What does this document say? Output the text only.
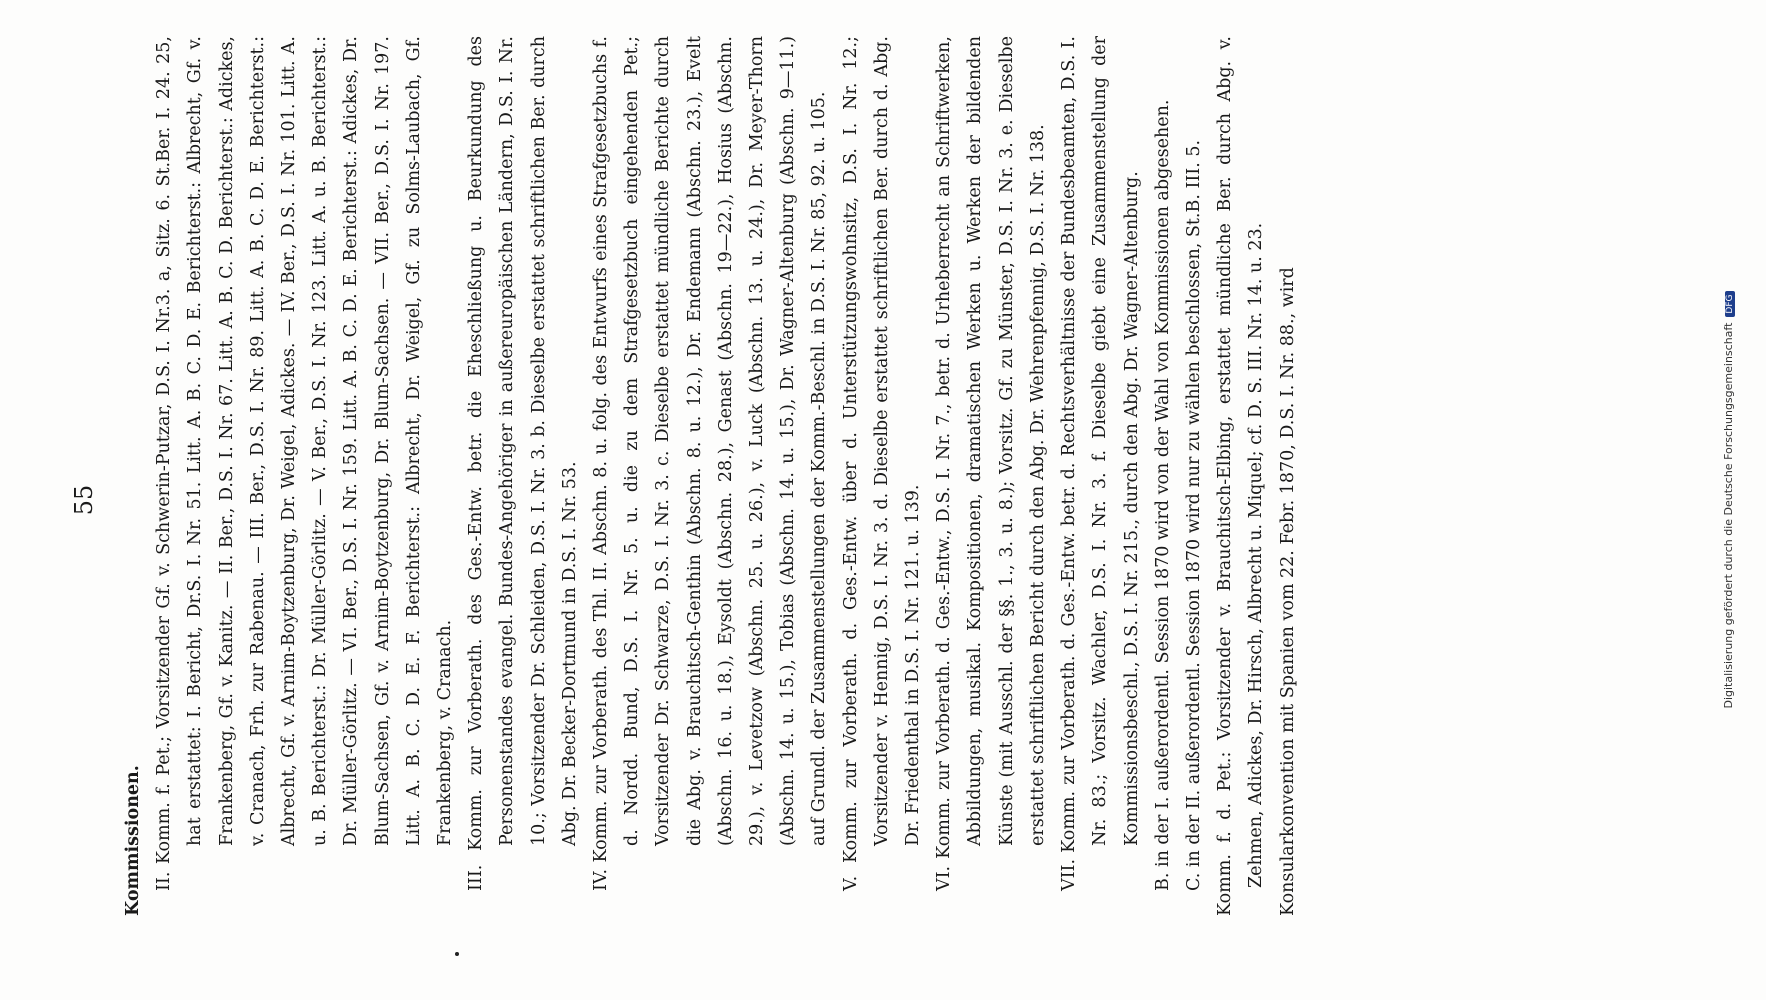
55

Kommissionen. II. Komm. f. Pet.; Vorsitzender Gf. v. Schwerin-Putzar, D.S. I. Nr.3. a, Sitz. 6. St.Ber. I. 24. 25, hat erstattet: I. Bericht, Dr.S. I. Nr. 51. Litt. A. B. C. D. E. Berichterst.: Albrecht, Gf. v. Frankenberg, Gf. v. Kanitz. — II. Ber., D.S. I. Nr. 67. Litt. A. B. C. D. Berichterst.: Adickes, v. Cranach, Frh. zur Rabenau. — III. Ber., D.S. I. Nr. 89. Litt. A. B. C. D. E. Berichterst.: Albrecht, Gf. v. Arnim-Boytzenburg, Dr. Weigel, Adickes. — IV. Ber., D.S. I. Nr. 101. Litt. A. u. B. Berichterst.: Dr. Müller-Görlitz. — V. Ber., D.S. I. Nr. 123. Litt. A. u. B. Berichterst.: Dr. Müller-Görlitz. — VI. Ber., D.S. I. Nr. 159. Litt. A. B. C. D. E. Berichterst.: Adickes, Dr. Blum-Sachsen, Gf. v. Arnim-Boytzenburg, Dr. Blum-Sachsen. — VII. Ber., D.S. I. Nr. 197. Litt. A. B. C. D. E. F. Berichterst.: Albrecht, Dr. Weigel, Gf. zu Solms-Laubach, Gf. Frankenberg, v. Cranach. III. Komm. zur Vorberath. des Ges.-Entw. betr. die Eheschließung u. Beurkundung des Personenstandes evangel. Bundes-Angehöriger in außereuropäischen Ländern, D.S. I. Nr. 10.; Vorsitzender Dr. Schleiden, D.S. I. Nr. 3. b. Dieselbe erstattet schriftlichen Ber. durch Abg. Dr. Becker-Dortmund in D.S. I. Nr. 53. IV. Komm. zur Vorberath. des Thl. II. Abschn. 8. u. folg. des Entwurfs eines Strafgesetzbuchs f. d. Nordd. Bund, D.S. I. Nr. 5. u. die zu dem Strafgesetzbuch eingehenden Pet.; Vorsitzender Dr. Schwarze, D.S. I. Nr. 3. c. Dieselbe erstattet mündliche Berichte durch die Abg. v. Brauchitsch-Genthin (Abschn. 8. u. 12.), Dr. Endemann (Abschn. 23.), Evelt (Abschn. 16. u. 18.), Eysoldt (Abschn. 28.), Genast (Abschn. 19—22.), Hosius (Abschn. 29.), v. Levetzow (Abschn. 25. u. 26.), v. Luck (Abschn. 13. u. 24.), Dr. Meyer-Thorn (Abschn. 14. u. 15.), Tobias (Abschn. 14. u. 15.), Dr. Wagner-Altenburg (Abschn. 9—11.) auf Grundl. der Zusammenstellungen der Komm.-Beschl. in D.S. I. Nr. 85, 92. u. 105. V. Komm. zur Vorberath. d. Ges.-Entw. über d. Unterstützungswohnsitz, D.S. I. Nr. 12.; Vorsitzender v. Hennig, D.S. I. Nr. 3. d. Dieselbe erstattet schriftlichen Ber. durch d. Abg. Dr. Friedenthal in D.S. I. Nr. 121. u. 139. VI. Komm. zur Vorberath. d. Ges.-Entw., D.S. I. Nr. 7., betr. d. Urheberrecht an Schriftwerken, Abbildungen, musikal. Kompositionen, dramatischen Werken u. Werken der bildenden Künste (mit Ausschl. der §§. 1., 3. u. 8.); Vorsitz. Gf. zu Münster, D.S. I. Nr. 3. e. Dieselbe erstattet schriftlichen Bericht durch den Abg. Dr. Wehrenpfennig, D.S. I. Nr. 138. VII. Komm. zur Vorberath. d. Ges.-Entw. betr. d. Rechtsverhältnisse der Bundesbeamten, D.S. I. Nr. 83.; Vorsitz. Wachler, D.S. I. Nr. 3. f. Dieselbe giebt eine Zusammenstellung der Kommissionsbeschl., D.S. I. Nr. 215., durch den Abg. Dr. Wagner-Altenburg. B. in der I. außerordentl. Session 1870 wird von der Wahl von Kommissionen abgesehen. C. in der II. außerordentl. Session 1870 wird nur zu wählen beschlossen, St.B. III. 5. Komm. f. d. Pet.: Vorsitzender v. Brauchitsch-Elbing, erstattet mündliche Ber. durch Abg. v. Zehmen, Adickes, Dr. Hirsch, Albrecht u. Miquel; cf. D. S. III. Nr. 14. u. 23. Konsularkonvention mit Spanien vom 22. Febr. 1870, D.S. I. Nr. 88., wird	Digitalisierung gefördert durch die Deutsche ForschungsgemeinschaftDFG
